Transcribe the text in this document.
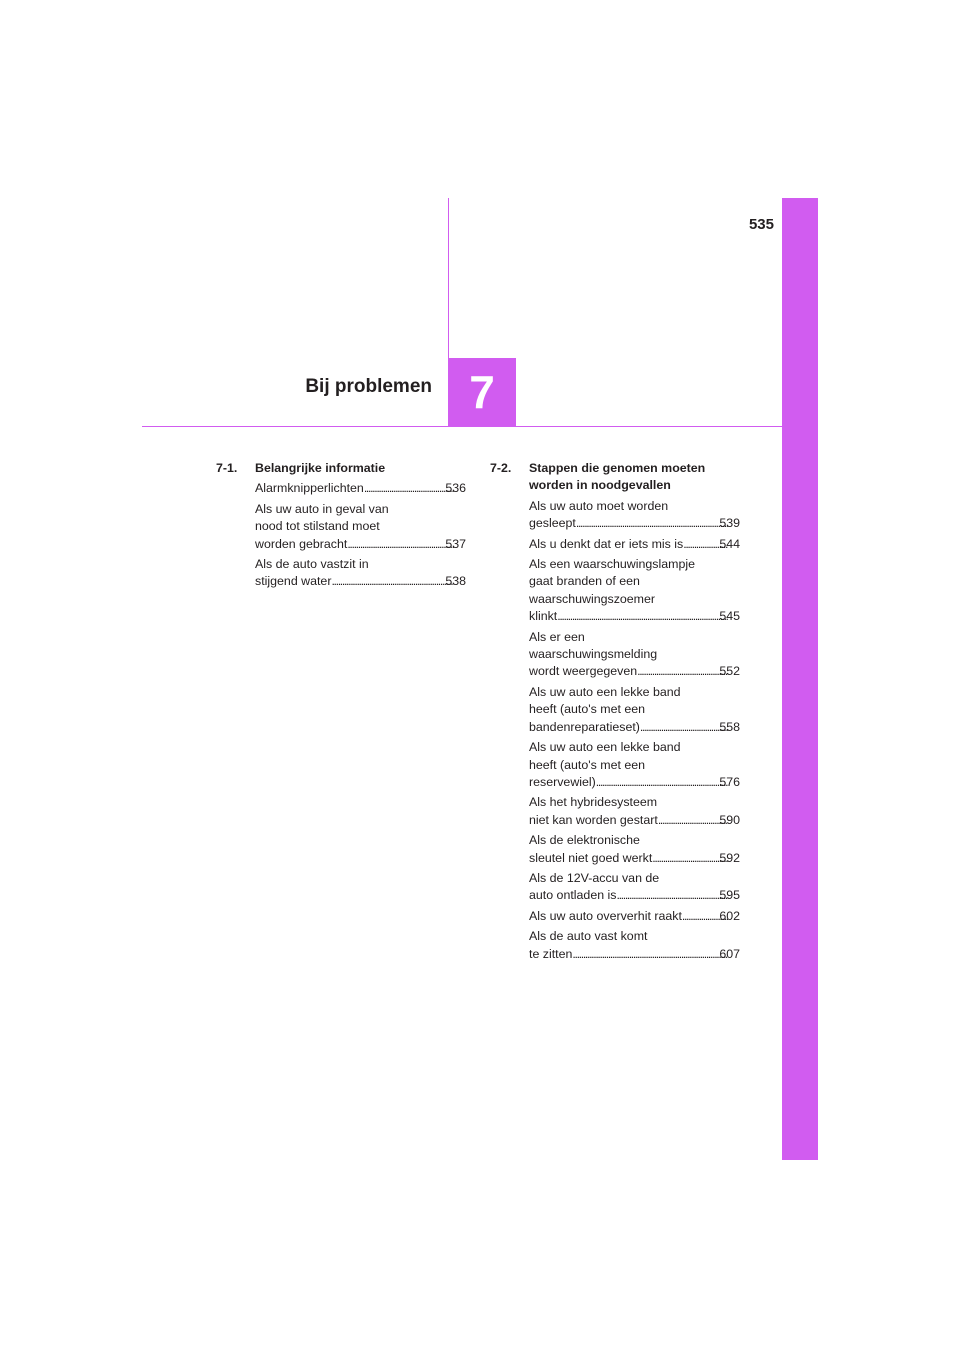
535
7
Bij problemen
7-1. Belangrijke informatie
Alarmknipperlichten . . .	536
Als uw auto in geval van
nood tot stilstand moet
worden gebracht . . .	537
Als de auto vastzit in
stijgend water . . .	538
7-2. Stappen die genomen moeten
worden in noodgevallen
Als uw auto moet worden
gesleept . . .	539
Als u denkt dat er iets mis is . . .	544
Als een waarschuwingslampje
gaat branden of een
waarschuwingszoemer
klinkt . . .	545
Als er een
waarschuwingsmelding
wordt weergegeven . . .	552
Als uw auto een lekke band
heeft (auto's met een
bandenreparatieset) . . .	558
Als uw auto een lekke band
heeft (auto's met een
reservewiel) . . .	576
Als het hybridesysteem
niet kan worden gestart . . .	590
Als de elektronische
sleutel niet goed werkt . . .	592
Als de 12V-accu van de
auto ontladen is . . .	595
Als uw auto oververhit raakt . . .	602
Als de auto vast komt
te zitten . . .	607
